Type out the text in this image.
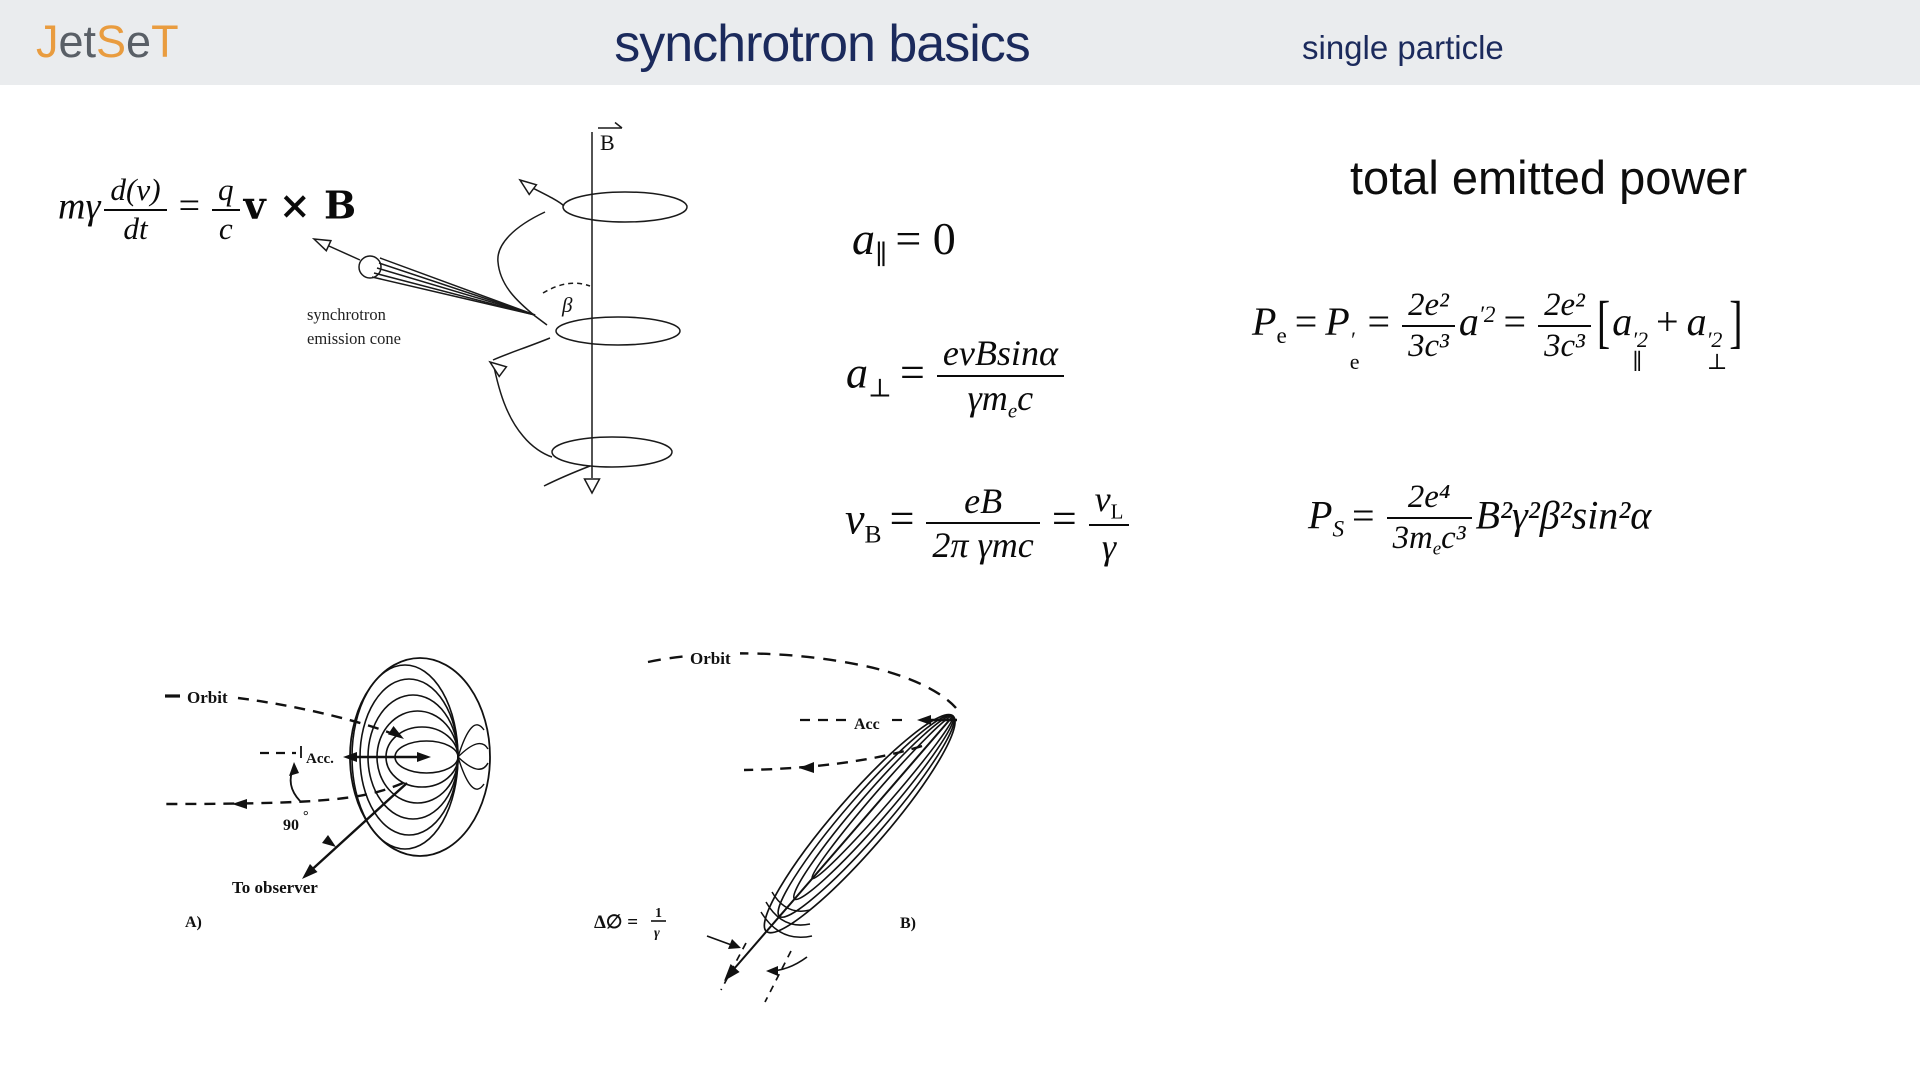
JetSeT	synchrotron basics	single particle
mγ $\frac{d(v)}{dt} = \frac{q}{c}$ v × B
B
β
synchrotron
emission cone
$a_\parallel = 0$
$a_\perp = \frac{\text{evBsinα}}{\gamma m_ec}$
$\nu_B = \frac{eB}{\text{2π γmc}} = \frac{\nu_L}{\gamma}$
total emitted power
$P_e = P$ ′
e
= $\frac{\text{2e²}}{\text{3c³}} a^{'2} = \frac{\text{2e²}}{\text{3c³}} [a$ ′2
∥
+ a ′2
⊥
]
$P_S = \frac{\text{2e⁴}}{3m_ec^3} B^2\gamma^2\beta^2\sin^2\alpha$
Orbit
Acc.
90
°
To observer
A)
Orbit
Acc
Δ∅ = 1
γ
B)
